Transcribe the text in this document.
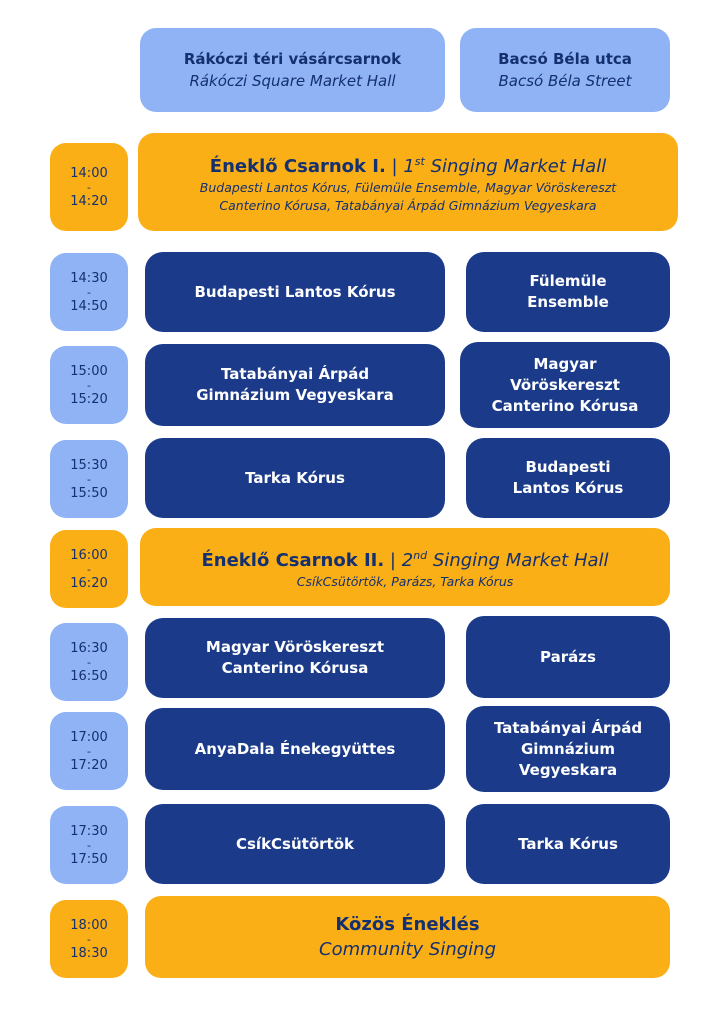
Rákóczi téri vásárcsarnok
Rákóczi Square Market Hall
Bacsó Béla utca
Bacsó Béla Street
14:00
-
14:20
Éneklő Csarnok I. | 1st Singing Market Hall
Budapesti Lantos Kórus, Fülemüle Ensemble, Magyar Vöröskereszt
Canterino Kórusa, Tatabányai Árpád Gimnázium Vegyeskara
14:30
-
14:50
Budapesti Lantos Kórus
Fülemüle
Ensemble
15:00
-
15:20
Tatabányai Árpád
Gimnázium Vegyeskara
Magyar
Vöröskereszt
Canterino Kórusa
15:30
-
15:50
Tarka Kórus
Budapesti
Lantos Kórus
16:00
-
16:20
Éneklő Csarnok II. | 2nd Singing Market Hall
CsíkCsütörtök, Parázs, Tarka Kórus
16:30
-
16:50
Magyar Vöröskereszt
Canterino Kórusa
Parázs
17:00
-
17:20
AnyaDala Énekegyüttes
Tatabányai Árpád
Gimnázium
Vegyeskara
17:30
-
17:50
CsíkCsütörtök	Tarka Kórus
18:00
-
18:30
Közös Éneklés
Community Singing
